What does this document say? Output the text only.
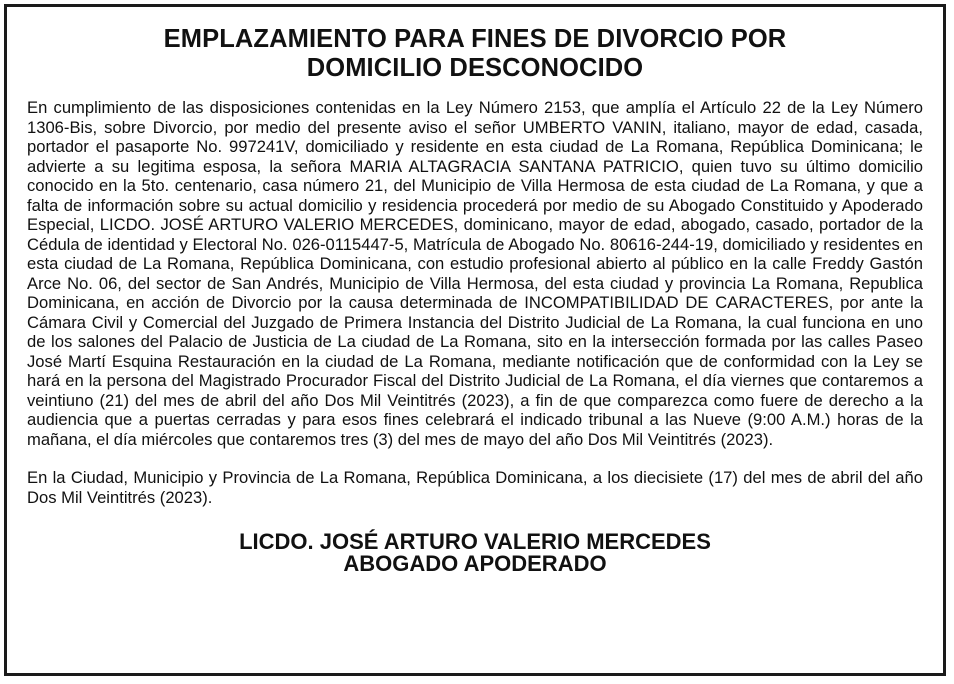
EMPLAZAMIENTO PARA FINES DE DIVORCIO POR
DOMICILIO DESCONOCIDO

En cumplimiento de las disposiciones contenidas en la Ley Número 2153, que amplía el Artículo 22 de la Ley Número 1306-Bis, sobre Divorcio, por medio del presente aviso el señor UMBERTO VANIN, italiano, mayor de edad, casada, portador el pasaporte No. 997241V, domiciliado y residente en esta ciudad de La Romana, República Dominicana; le advierte a su legitima esposa, la señora MARIA ALTAGRACIA SANTANA PATRICIO, quien tuvo su último domicilio conocido en la 5to. centenario, casa número 21, del Municipio de Villa Hermosa de esta ciudad de La Romana, y que a falta de información sobre su actual domicilio y residencia procederá por medio de su Abogado Constituido y Apoderado Especial, LICDO. JOSÉ ARTURO VALERIO MERCEDES, dominicano, mayor de edad, abogado, casado, portador de la Cédula de identidad y Electoral No. 026-0115447-5, Matrícula de Abogado No. 80616-244-19, domiciliado y residentes en esta ciudad de La Romana, República Dominicana, con estudio profesional abierto al público en la calle Freddy Gastón Arce No. 06, del sector de San Andrés, Municipio de Villa Hermosa, del esta ciudad y provincia La Romana, Republica Dominicana, en acción de Divorcio por la causa determinada de INCOMPATIBILIDAD DE CARACTERES, por ante la Cámara Civil y Comercial del Juzgado de Primera Instancia del Distrito Judicial de La Romana, la cual funciona en uno de los salones del Palacio de Justicia de La ciudad de La Romana, sito en la intersección formada por las calles Paseo José Martí Esquina Restauración en la ciudad de La Romana, mediante notificación que de conformidad con la Ley se hará en la persona del Magistrado Procurador Fiscal del Distrito Judicial de La Romana, el día viernes que contaremos a veintiuno (21) del mes de abril del año Dos Mil Veintitrés (2023), a fin de que comparezca como fuere de derecho a la audiencia que a puertas cerradas y para esos fines celebrará el indicado tribunal a las Nueve (9:00 A.M.) horas de la mañana, el día miércoles que contaremos tres (3) del mes de mayo del año Dos Mil Veintitrés (2023).

En la Ciudad, Municipio y Provincia de La Romana, República Dominicana, a los diecisiete (17) del mes de abril del año Dos Mil Veintitrés (2023).

LICDO. JOSÉ ARTURO VALERIO MERCEDES
ABOGADO APODERADO
